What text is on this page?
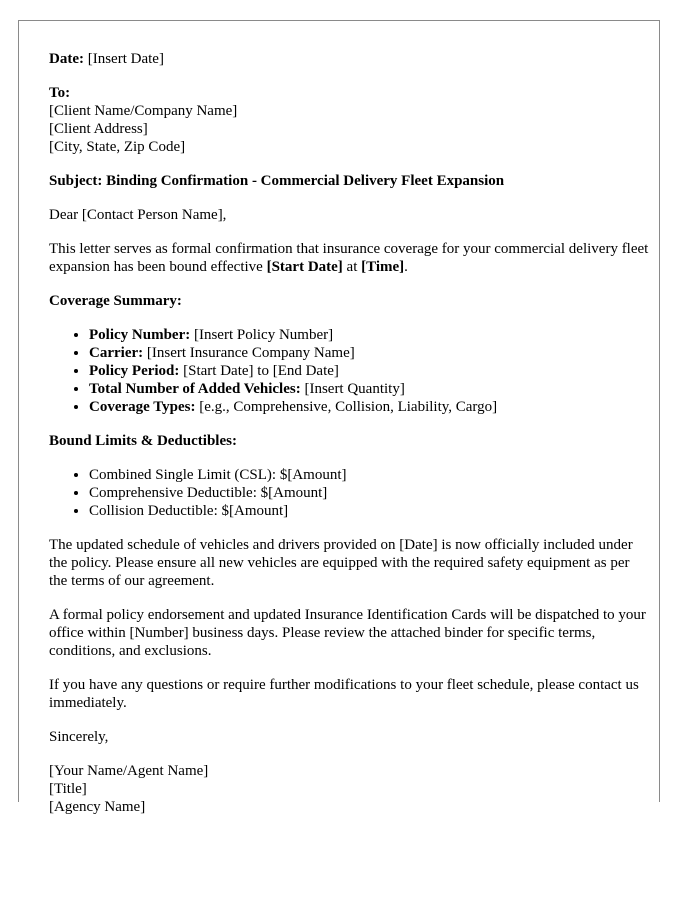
Date: [Insert Date]

To:

[Client Name/Company Name]

[Client Address]

[City, State, Zip Code]

Subject: Binding Confirmation - Commercial Delivery Fleet Expansion

Dear [Contact Person Name],

This letter serves as formal confirmation that insurance coverage for your commercial delivery fleet expansion has been bound effective [Start Date] at [Time].

Coverage Summary:

• Policy Number: [Insert Policy Number]
• Carrier: [Insert Insurance Company Name]
• Policy Period: [Start Date] to [End Date]
• Total Number of Added Vehicles: [Insert Quantity]
• Coverage Types: [e.g., Comprehensive, Collision, Liability, Cargo]

Bound Limits & Deductibles:

• Combined Single Limit (CSL): $[Amount]
• Comprehensive Deductible: $[Amount]
• Collision Deductible: $[Amount]

The updated schedule of vehicles and drivers provided on [Date] is now officially included under the policy. Please ensure all new vehicles are equipped with the required safety equipment as per the terms of our agreement.

A formal policy endorsement and updated Insurance Identification Cards will be dispatched to your office within [Number] business days. Please review the attached binder for specific terms, conditions, and exclusions.

If you have any questions or require further modifications to your fleet schedule, please contact us immediately.

Sincerely,

[Your Name/Agent Name]

[Title]

[Agency Name]
